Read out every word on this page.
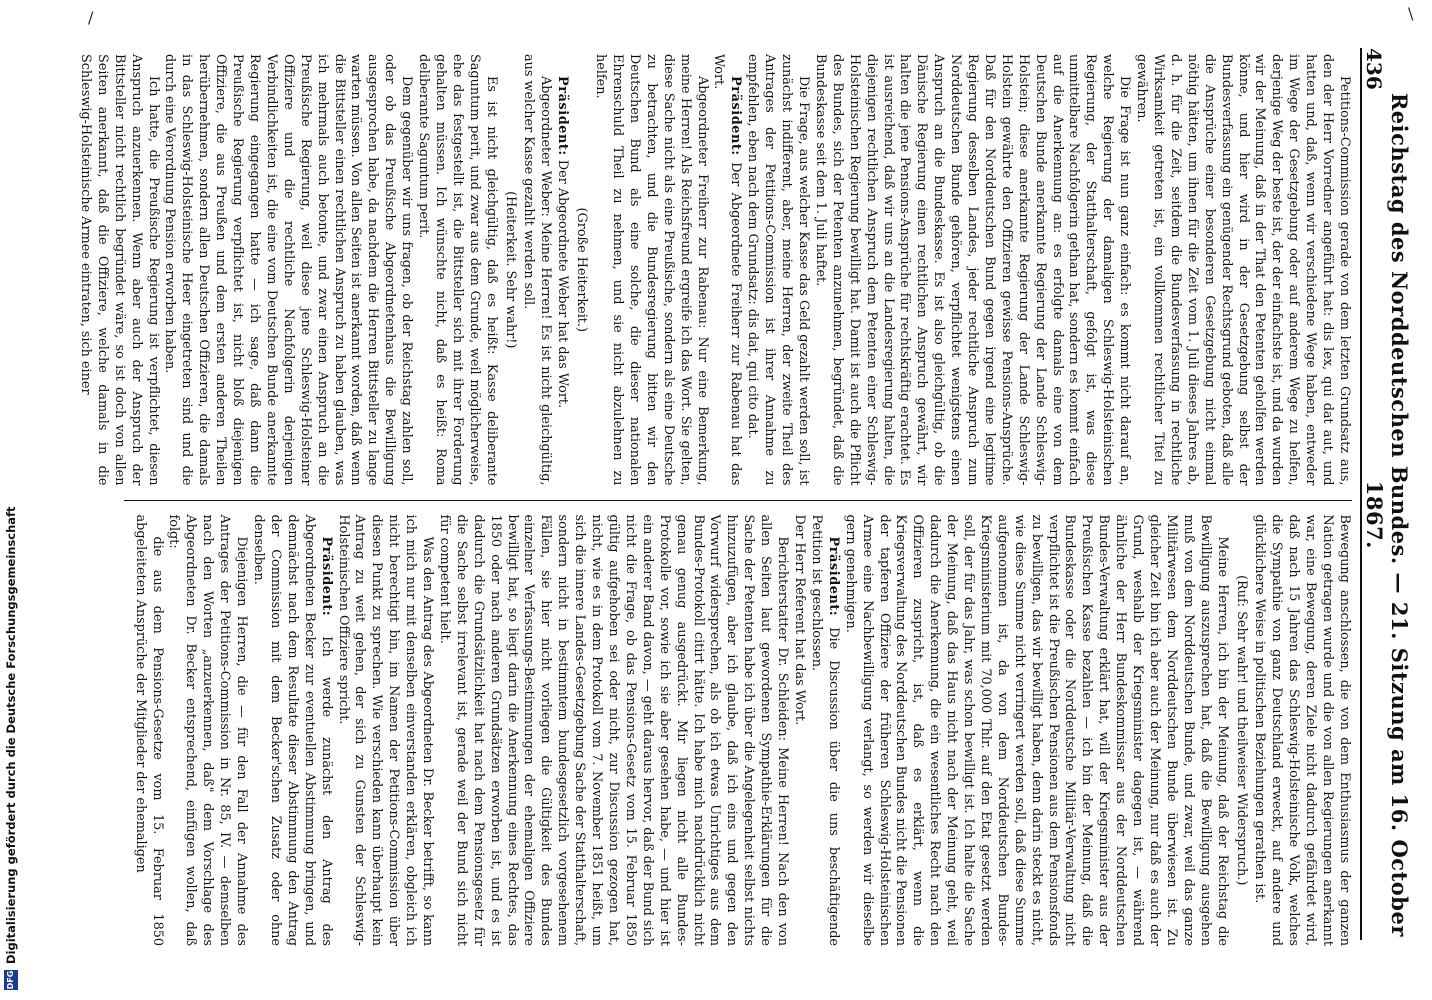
436
Reichstag des Norddeutschen Bundes. — 21. Sitzung am 16. October 1867.

Petitions-Commission gerade von dem letzten Grundsatz aus, den der Herr Vorredner angeführt hat: dis lex, qui dat aut, und hatten und, daß, wenn wir verschiedene Wege haben, entweder im Wege der Gesetzgebung oder auf anderem Wege zu helfen, derjenige Weg der beste ist, der der einfachste ist, und da wurden wir der Meinung, daß in der That den Petenten geholfen werden könne, und hier wird in der Gesetzgebung selbst der Bundesverfassung ein genügender Rechtsgrund geboten, daß alle die Ansprüche einer besonderen Gesetzgebung nicht einmal nöthig hätten, um ihnen für die Zeit vom 1. Juli dieses Jahres ab, d. h. für die Zeit, seitdem die Bundesverfassung in rechtliche Wirksamkeit getreten ist, ein vollkommen rechtlicher Titel zu gewähren.

Die Frage ist nun ganz einfach: es kommt nicht darauf an, welche Regierung der damaligen Schleswig-Holsteinischen Regierung, der Statthalterschaft, gefolgt ist, was diese unmittelbare Nachfolgerin gethan hat, sondern es kommt einfach auf die Anerkennung an: es erfolgte damals eine von dem Deutschen Bunde anerkannte Regierung der Lande Schleswig-Holstein; diese anerkannte Regierung der Lande Schleswig-Holstein gewährte den Offizieren gewisse Pensions-Ansprüche. Daß für den Norddeutschen Bund gegen irgend eine legitime Regierung desselben Landes, jeder rechtliche Anspruch zum Norddeutschen Bunde gehören, verpflichtet wenigstens einen Anspruch an die Bundeskasse. Es ist also gleichgültig, ob die Dänische Regierung einen rechtlichen Anspruch gewährt, wir halten die jene Pensions-Ansprüche für rechtskräftig erachtet. Es ist ausreichend, daß wir uns an die Landesregierung halten, die diejenigen rechtlichen Anspruch dem Petenten einer Schleswig-Holsteinischen Regierung bewilligt hat. Damit ist auch die Pflicht des Bundes, sich der Petenten anzunehmen, begründet, daß die Bundeskasse seit dem 1. Juli haftet.

Die Frage, aus welcher Kasse das Geld gezahlt werden soll, ist zunächst indifferent, aber, meine Herren, der zweite Theil des Antrages der Petitions-Commission ist ihrer Annahme zu empfehlen, eben nach dem Grundsatz: dis dat, qui cito dat.

Präsident: Der Abgeordnete Freiherr zur Rabenau hat das Wort.

Abgeordneter Freiherr zur Rabenau: Nur eine Bemerkung, meine Herren! Als Reichsfreund ergreife ich das Wort. Sie gelten, diese Sache nicht als eine Preußische, sondern als eine Deutsche zu betrachten, und die Bundesregierung bitten wir den Deutschen Bund als eine solche, die dieser nationalen Ehrenschuld Theil zu nehmen, und sie nicht abzulehnen zu helfen.

(Große Heiterkeit.)

Präsident: Der Abgeordnete Weber hat das Wort.

Abgeordneter Weber: Meine Herren! Es ist nicht gleichgültig, aus welcher Kasse gezahlt werden soll.

(Heiterkeit. Sehr wahr!)

Es ist nicht gleichgültig, daß es heißt: Kasse deliberante Saguntum perit, und zwar aus dem Grunde, weil möglicherweise, ehe das festgestellt ist, die Bittsteller sich mit ihrer Forderung gehalten müssen. Ich wünschte nicht, daß es heißt: Roma deliberante Saguntum perit.

Dem gegenüber wir uns fragen, ob der Reichstag zahlen soll, oder ob das Preußische Abgeordnetenhaus die Bewilligung ausgesprochen habe, da nachdem die Herren Bittsteller zu lange warten müssen. Von allen Seiten ist anerkannt worden, daß wenn die Bittsteller einen rechtlichen Anspruch zu haben glauben, was ich mehrmals auch betonte, und zwar einen Anspruch an die Preußische Regierung, weil diese jene Schleswig-Holsteiner Offiziere und die rechtliche Nachfolgerin derjenigen Verbindlichkeiten ist, die eine vom Deutschen Bunde anerkannte Regierung eingegangen hatte — ich sage, daß dann die Preußische Regierung verpflichtet ist, nicht bloß diejenigen Offiziere, die aus Preußen und dem ersten anderen Theilen herübernehmen, sondern allen Deutschen Offizieren, die damals in das Schleswig-Holsteinische Heer eingetreten sind und die durch eine Verordnung Pension erworben haben.

Ich hatte, die Preußische Regierung ist verpflichtet, diesen Anspruch anzuerkennen. Wenn aber auch der Anspruch der Bittsteller nicht rechtlich begründet wäre, so ist doch von allen Seiten anerkannt, daß die Offiziere, welche damals in die Schleswig-Holsteinische Armee eintraten, sich einer

Bewegung anschlossen, die von dem Enthusiasmus der ganzen Nation getragen wurde und die von allen Regierungen anerkannt war, eine Bewegung, deren Ziele nicht dadurch gefährdet wird, daß nach 15 Jahren das Schleswig-Holsteinische Volk, welches die Sympathie von ganz Deutschland erweckt, auf andere und glücklichere Weise in politischen Beziehungen gerathen ist.

(Ruf: Sehr wahr! und theilweiser Widerspruch.)

Meine Herren, ich bin der Meinung, daß der Reichstag die Bewilligung auszusprechen hat, daß die Bewilligung ausgehen muß von dem Norddeutschen Bunde, und zwar, weil das ganze Militärwesen dem Norddeutschen Bunde überwiesen ist. Zu gleicher Zeit bin ich aber auch der Meinung, nur daß es auch der Grund, weshalb der Kriegsminister dagegen ist, — während ähnliche der Herr Bundeskommissar aus der Norddeutschen Bundes-Verwaltung erklärt hat, will der Kriegsminister aus der Preußischen Kasse bezahlen — ich bin der Meinung, daß die Bundeskasse oder die Norddeutsche Militär-Verwaltung nicht verpflichtet ist die Preußischen Pensionen aus dem Pensionsfonds zu bewilligen, das wir bewilligt haben, denn darin steckt es nicht, wie diese Summe nicht verringert werden soll, daß diese Summe aufgenommen ist, da von dem Norddeutschen Bundes-Kriegsministerium mit 70,000 Thlr. auf den Etat gesetzt werden soll, der für das Jahr, was schon bewilligt ist. Ich halte die Sache der Meinung, daß das Haus nicht nach der Meinung geht, weil dadurch die Anerkennung, die ein wesentliches Recht nach den Offizieren zuspricht, ist, daß es erklärt, wenn die Kriegsverwaltung des Norddeutschen Bundes nicht die Pensionen der tapferen Offiziere der früheren Schleswig-Holsteinischen Armee eine Nachbewilligung verlangt, so werden wir dieselbe gern genehmigen.

Präsident: Die Discussion über die uns beschäftigende Petition ist geschlossen.

Der Herr Referent hat das Wort.

Berichterstatter Dr. Schleiden: Meine Herren! Nach den von allen Seiten laut gewordenen Sympathie-Erklärungen für die Sache der Petenten habe ich über die Angelegenheit selbst nichts hinzuzufügen, aber ich glaube, daß ich eins und gegen den Vorwurf widersprechen, als ob ich etwas Unrichtiges aus dem Bundes-Protokoll citirt hätte. Ich habe mich nachdrücklich nicht genau genug ausgedrückt. Mir liegen nicht alle Bundes-Protokolle vor, sowie ich sie aber gesehen habe, — und hier ist ein anderer Band davon, — geht daraus hervor, daß der Bund sich nicht die Frage, ob das Pensions-Gesetz vom 15. Februar 1850 gültig aufgehoben sei oder nicht, zur Discussion gezogen hat, nicht, wie es in dem Protokoll vom 7. November 1851 heißt, um sich die innere Landes-Gesetzgebung Sache der Statthalterschaft, sondern nicht in bestimmtem bundesgesetzlich vorgesehenem Fällen, sie hier nicht vorliegen die Gültigkeit des Bundes einzelner Verfassungs-Bestimmungen der ehemaligen Offiziere bewilligt hat, so liegt darin die Anerkennung eines Rechtes, das 1850 oder nach anderen Grundsätzen erworben ist, und es ist dadurch die Grundsätzlichkeit hat nach dem Pensionsgesetz für die Sache selbst irrelevant ist, gerade weil der Bund sich nicht für competent hielt.

Was den Antrag des Abgeordneten Dr. Becker betrifft, so kann ich mich nur mit denselben einverstanden erklären, obgleich ich nicht berechtigt bin, im Namen der Petitions-Commission über diesen Punkt zu sprechen. Wie verschieden kann überhaupt kein Antrag zu weit gehen, der sich zu Gunsten der Schleswig-Holsteinischen Offiziere spricht.

Präsident: Ich werde zunächst den Antrag des Abgeordneten Becker zur eventuellen Abstimmung bringen, und demnächst nach dem Resultate dieser Abstimmung den Antrag der Commission mit dem Becker'schen Zusatz oder ohne denselben.

Diejenigen Herren, die — für den Fall der Annahme des Antrages der Petitions-Commission in Nr. 85, IV. — demselben nach den Worten „anzuerkennen, daß" dem Vorschlage des Abgeordneten Dr. Becker entsprechend, einfügen wollen, daß folgt:

die aus dem Pensions-Gesetze vom 15. Februar 1850 abgeleiteten Ansprüche der Mitglieder der ehemaligen

/	\
DFG
Digitalisierung gefördert durch die Deutsche Forschungsgemeinschaft
